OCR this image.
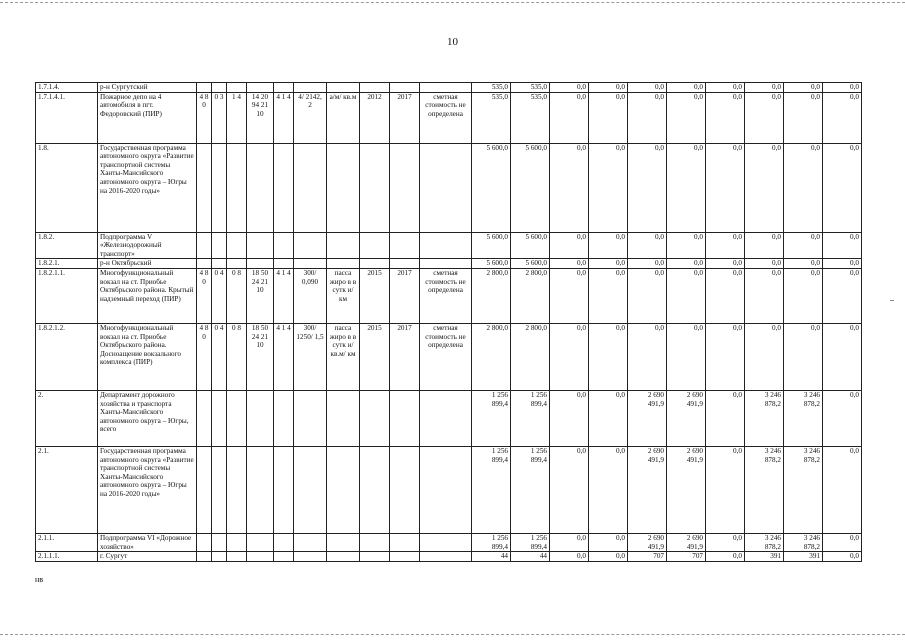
10
1.7.1.4.	р-н Сургутский											535,0	535,0	0,0	0,0	0,0	0,0	0,0	0,0	0,0	0,0
1.7.1.4.1.	Пожарное депо на 4 автомобиля в пгт. Федоровский (ПИР)	4 8 0	0 3	1 4	14 20 94 21 10	4 1 4	4/ 2142, 2	а/м/ кв.м	2012	2017	сметная стоимость не определена	535,0	535,0	0,0	0,0	0,0	0,0	0,0	0,0	0,0	0,0
1.8.	Государственная программа автономного округа «Развитие транспортной системы Ханты-Мансийского автономного округа – Югры на 2016-2020 годы»											5 600,0	5 600,0	0,0	0,0	0,0	0,0	0,0	0,0	0,0	0,0
1.8.2.	Подпрограмма V «Железнодорожный транспорт»											5 600,0	5 600,0	0,0	0,0	0,0	0,0	0,0	0,0	0,0	0,0
1.8.2.1.	р-н Октябрьский											5 600,0	5 600,0	0,0	0,0	0,0	0,0	0,0	0,0	0,0	0,0
1.8.2.1.1.	Многофункциональный вокзал на ст. Приобье Октябрьского района. Крытый надземный переход (ПИР)	4 8 0	0 4	0 8	18 50 24 21 10	4 1 4	300/ 0,090	пасса жиро в в сутк и/ км	2015	2017	сметная стоимость не определена	2 800,0	2 800,0	0,0	0,0	0,0	0,0	0,0	0,0	0,0	0,0
1.8.2.1.2.	Многофункциональный вокзал на ст. Приобье Октябрьского района. Досноащение вокзального комплекса (ПИР)	4 8 0	0 4	0 8	18 50 24 21 10	4 1 4	300/ 1250/ 1,5	пасса жиро в в сутк и/ кв.м/ км	2015	2017	сметная стоимость не определена	2 800,0	2 800,0	0,0	0,0	0,0	0,0	0,0	0,0	0,0	0,0
2.	Департамент дорожного хозяйства и транспорта Ханты-Мансийского автономного округа – Югры, всего											1 256 899,4	1 256 899,4	0,0	0,0	2 690 491,9	2 690 491,9	0,0	3 246 878,2	3 246 878,2	0,0
2.1.	Государственная программа автономного округа «Развитие транспортной системы Ханты-Мансийского автономного округа – Югры на 2016-2020 годы»											1 256 899,4	1 256 899,4	0,0	0,0	2 690 491,9	2 690 491,9	0,0	3 246 878,2	3 246 878,2	0,0
2.1.1.	Подпрограмма VI «Дорожное хозяйство»											1 256 899,4	1 256 899,4	0,0	0,0	2 690 491,9	2 690 491,9	0,0	3 246 878,2	3 246 878,2	0,0
2.1.1.1.	г. Сургут											44	44	0,0	0,0	707	707	0,0	391	391	0,0
нв
